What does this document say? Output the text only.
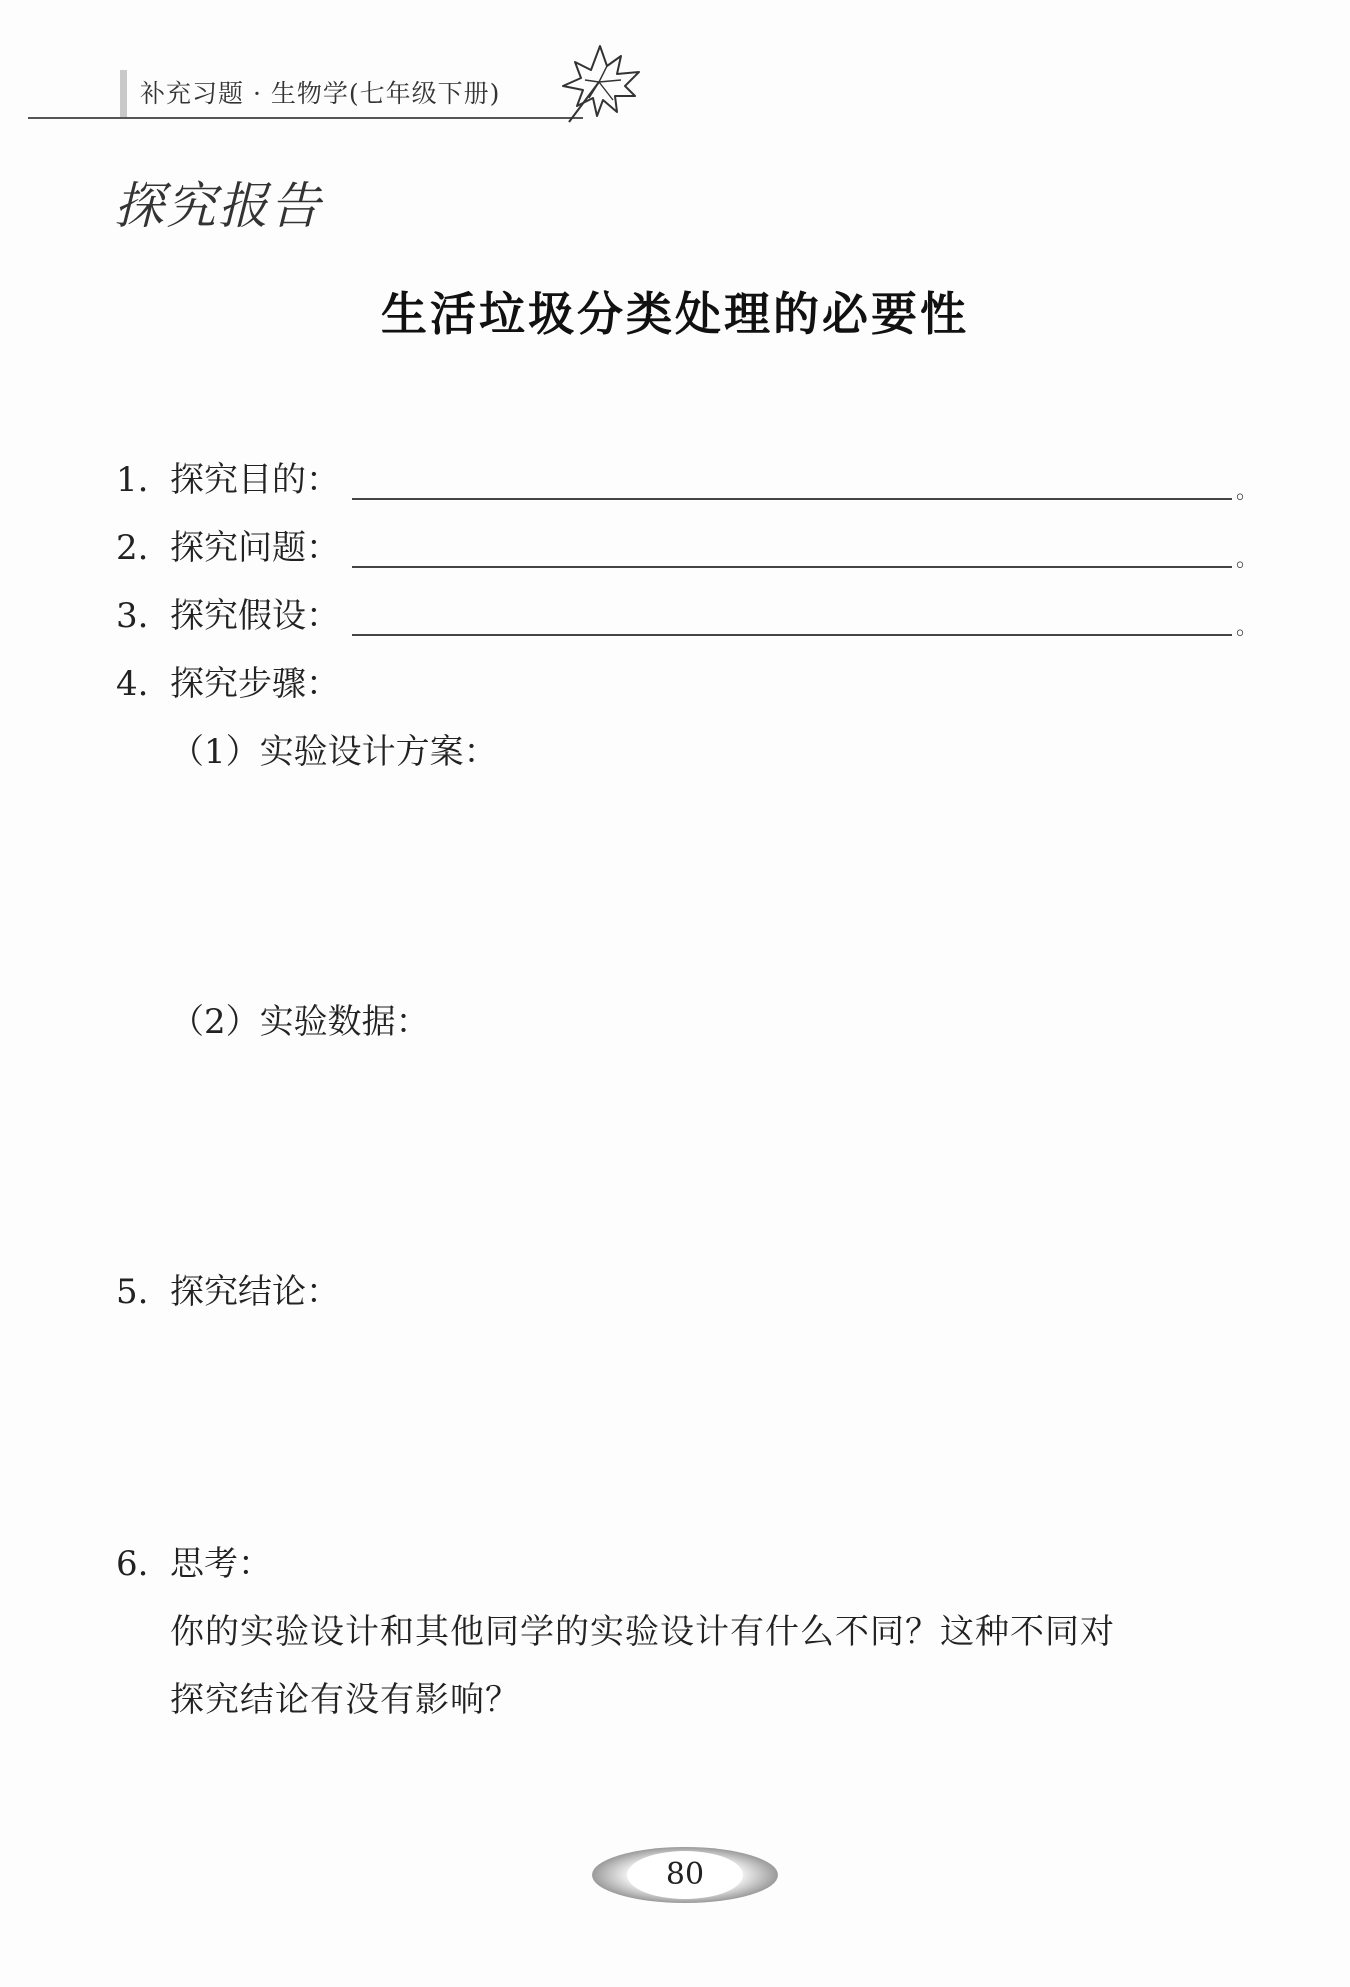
补充习题 · 生物学(七年级下册)
探究报告
生活垃圾分类处理的必要性
1. 探究目的：	。
2. 探究问题：	。
3. 探究假设：	。
4. 探究步骤：
（1）实验设计方案：
（2）实验数据：
5. 探究结论：
6. 思考：
你的实验设计和其他同学的实验设计有什么不同？这种不同对
探究结论有没有影响？
80
